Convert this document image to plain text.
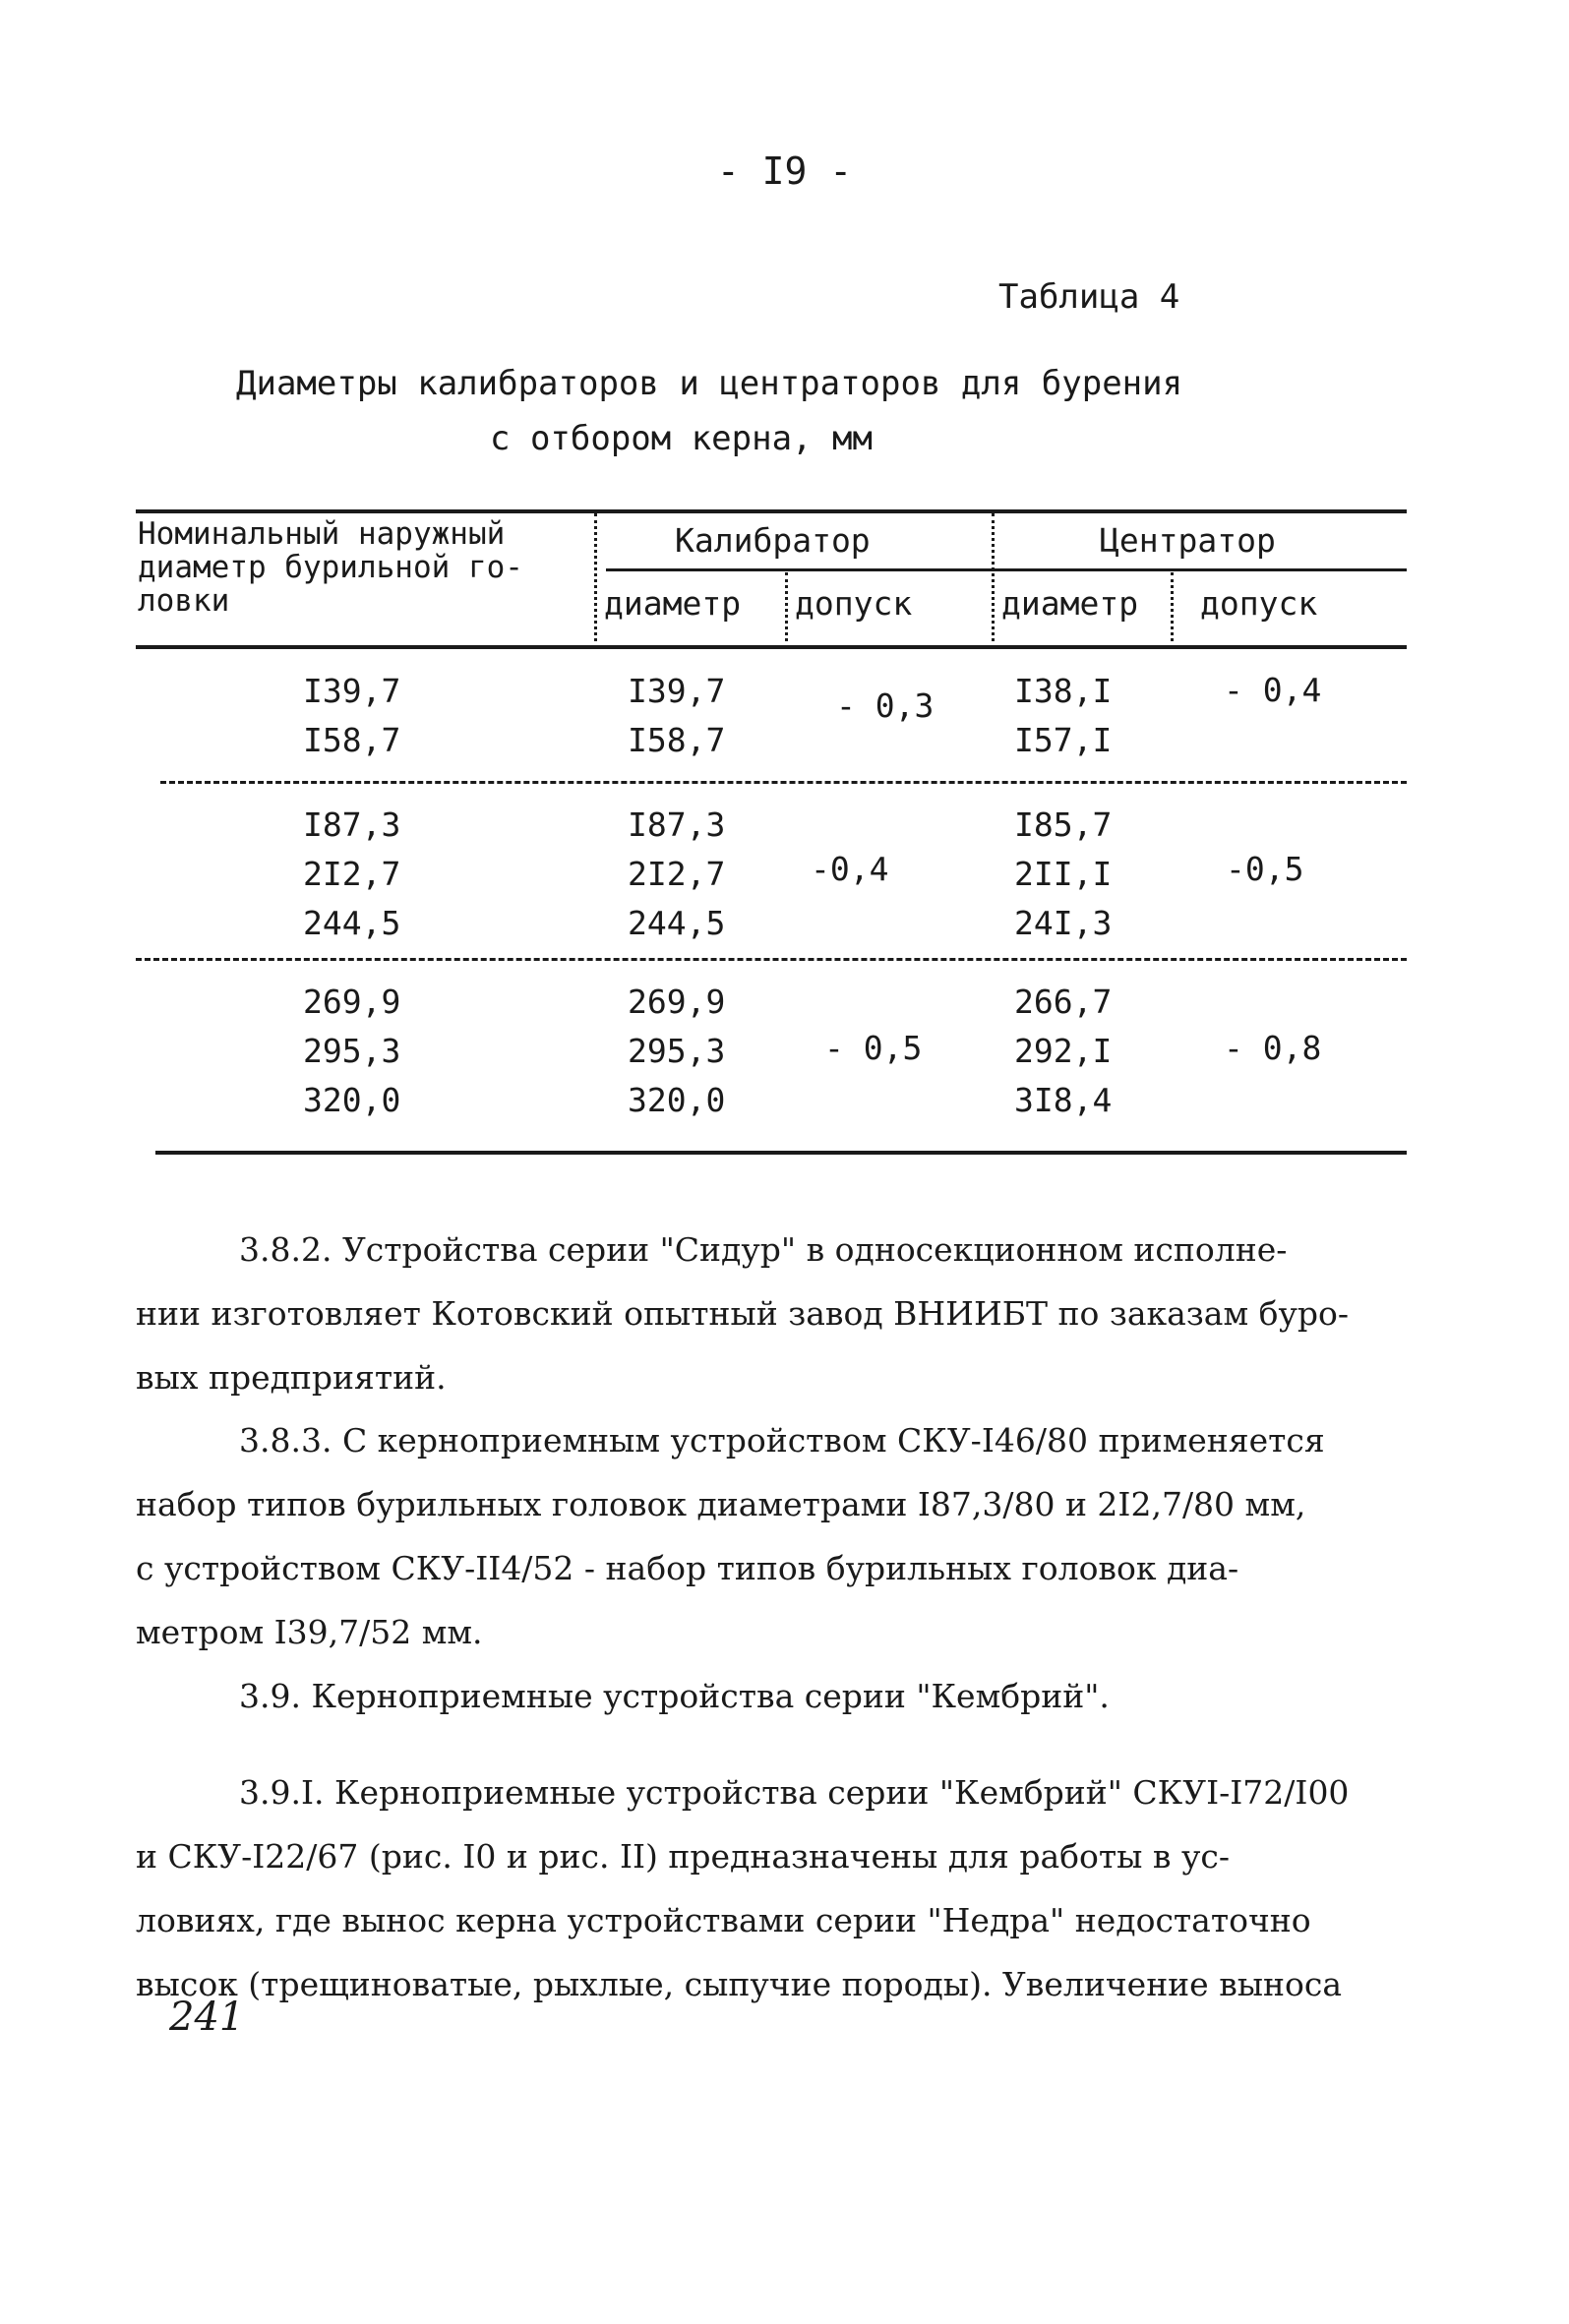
- I9 -
Таблица 4
Диаметры калибраторов и центраторов для бурения
с отбором керна, мм
Номинальный наружный
диаметр бурильной го-
ловки
Калибратор	Центратор
диаметр допуск	диаметр допуск
I39,7
I58,7
I39,7
I58,7
- 0,3 I38,I
I57,I
- 0,4
I87,3
2I2,7
244,5
I87,3
2I2,7
244,5
-0,4
I85,7
2II,I
24I,3
-0,5
269,9
295,3
320,0
269,9
295,3
320,0
- 0,5
266,7
292,I
3I8,4
- 0,8
3.8.2. Устройства серии "Сидур" в односекционном исполне-
нии изготовляет Котовский опытный завод ВНИИБТ по заказам буро-
вых предприятий.
3.8.3. С керноприемным устройством СКУ-I46/80 применяется
набор типов бурильных головок диаметрами I87,3/80 и 2I2,7/80 мм,
с устройством СКУ-II4/52 - набор типов бурильных головок диа-
метром I39,7/52 мм.
3.9. Керноприемные устройства серии "Кембрий".
3.9.I. Керноприемные устройства серии "Кембрий" СКУI-I72/I00
и СКУ-I22/67 (рис. I0 и рис. II) предназначены для работы в ус-
ловиях, где вынос керна устройствами серии "Недра" недостаточно
высок (трещиноватые, рыхлые, сыпучие породы). Увеличение выноса
241
